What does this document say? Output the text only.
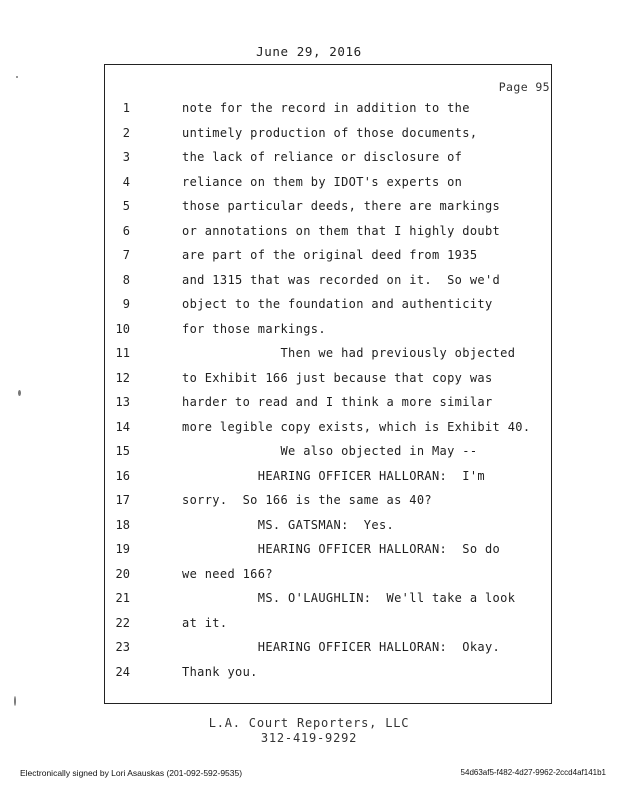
June 29, 2016
Page 95
1	note for the record in addition to the
2	untimely production of those documents,
3	the lack of reliance or disclosure of
4	reliance on them by IDOT's experts on
5	those particular deeds, there are markings
6	or annotations on them that I highly doubt
7	are part of the original deed from 1935
8	and 1315 that was recorded on it.  So we'd
9	object to the foundation and authenticity
10	for those markings.
11	Then we had previously objected
12	to Exhibit 166 just because that copy was
13	harder to read and I think a more similar
14	more legible copy exists, which is Exhibit 40.
15	We also objected in May --
16	HEARING OFFICER HALLORAN:  I'm
17	sorry.  So 166 is the same as 40?
18	MS. GATSMAN:  Yes.
19	HEARING OFFICER HALLORAN:  So do
20	we need 166?
21	MS. O'LAUGHLIN:  We'll take a look
22	at it.
23	HEARING OFFICER HALLORAN:  Okay.
24	Thank you.
L.A. Court Reporters, LLC
312-419-9292
Electronically signed by Lori Asauskas (201-092-592-9535)	54d63af5-f482-4d27-9962-2ccd4af141b1
